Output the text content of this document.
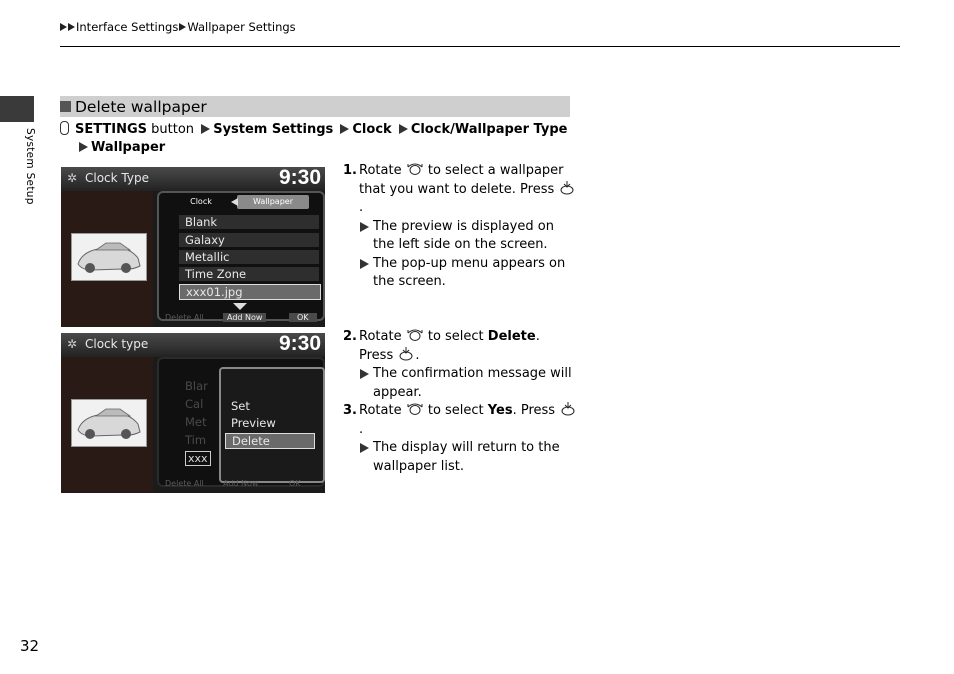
Interface Settings Wallpaper Settings
System Setup
Delete wallpaper
SETTINGS button System Settings Clock Clock/Wallpaper Type
Wallpaper
✲ Clock Type	9:30
Clock	Wallpaper
Blank
Galaxy
Metallic
Time Zone
xxx01.jpg
Delete All	Add Now	OK
✲ Clock type	9:30
Blar
Cal
Met
Tim
xxx
Set
Preview
Delete
Delete All Add Now	OK
1. Rotate to select a wallpaper that you want to delete. Press .
The preview is displayed on the left side on the screen.
The pop-up menu appears on the screen.
2. Rotate to select Delete. Press .
The confirmation message will appear.
3. Rotate to select Yes. Press .
The display will return to the wallpaper list.
32
